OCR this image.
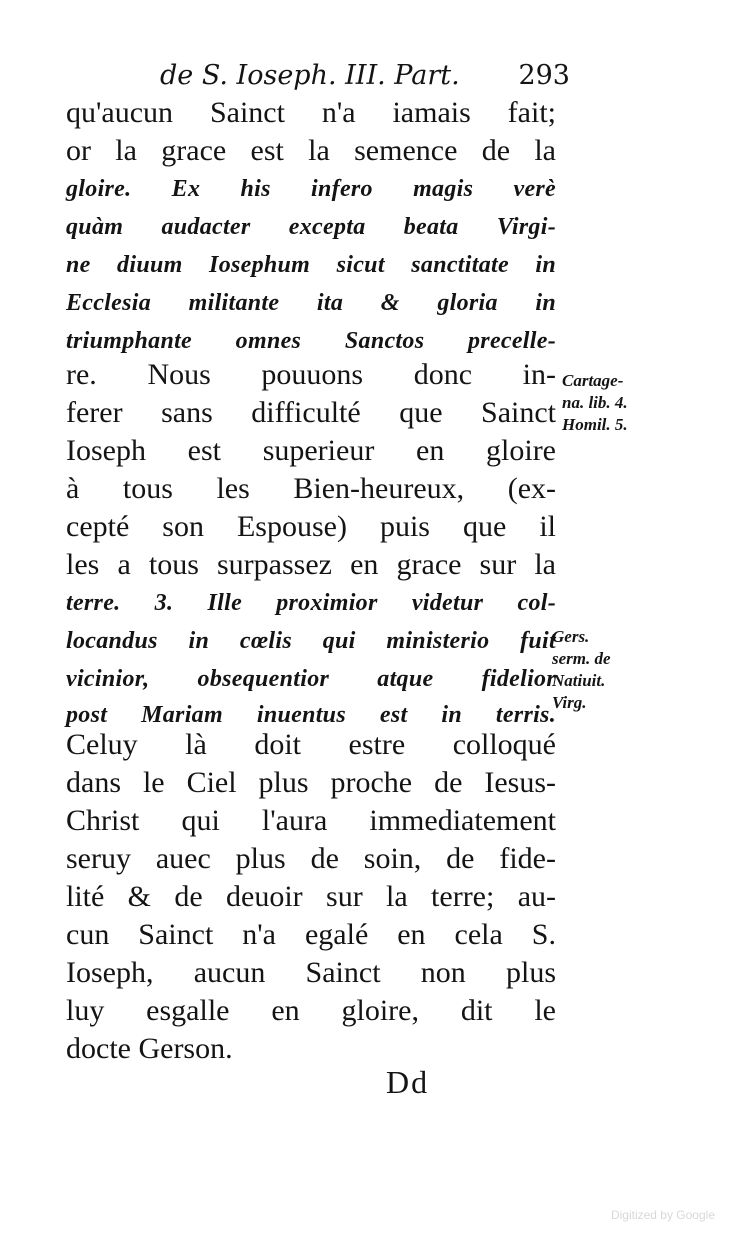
de S. Ioseph. III. Part. 293
qu'aucun Sainct n'a iamais fait;
or la grace est la semence de la
gloire. Ex his infero magis verè
quàm audacter excepta beata Virgi-
ne diuum Iosephum sicut sanctitate in
Ecclesia militante ita & gloria in
triumphante omnes Sanctos precelle-
re. Nous pouuons donc in-
ferer sans difficulté que Sainct
Ioseph est superieur en gloire
à tous les Bien-heureux, (ex-
cepté son Espouse) puis que il
les a tous surpassez en grace sur la
terre. 3. Ille proximior videtur col-
locandus in cœlis qui ministerio fuit
vicinior, obsequentior atque fidelior
post Mariam inuentus est in terris.
Celuy là doit estre colloqué
dans le Ciel plus proche de Iesus-
Christ qui l'aura immediatement
seruy auec plus de soin, de fide-
lité & de deuoir sur la terre; au-
cun Sainct n'a egalé en cela S.
Ioseph, aucun Sainct non plus
luy esgalle en gloire, dit le
docte Gerson.
Cartage-
na. lib. 4.
Homil. 5.
Gers.
serm. de
Natiuit.
Virg.
Dd
Digitized by Google
